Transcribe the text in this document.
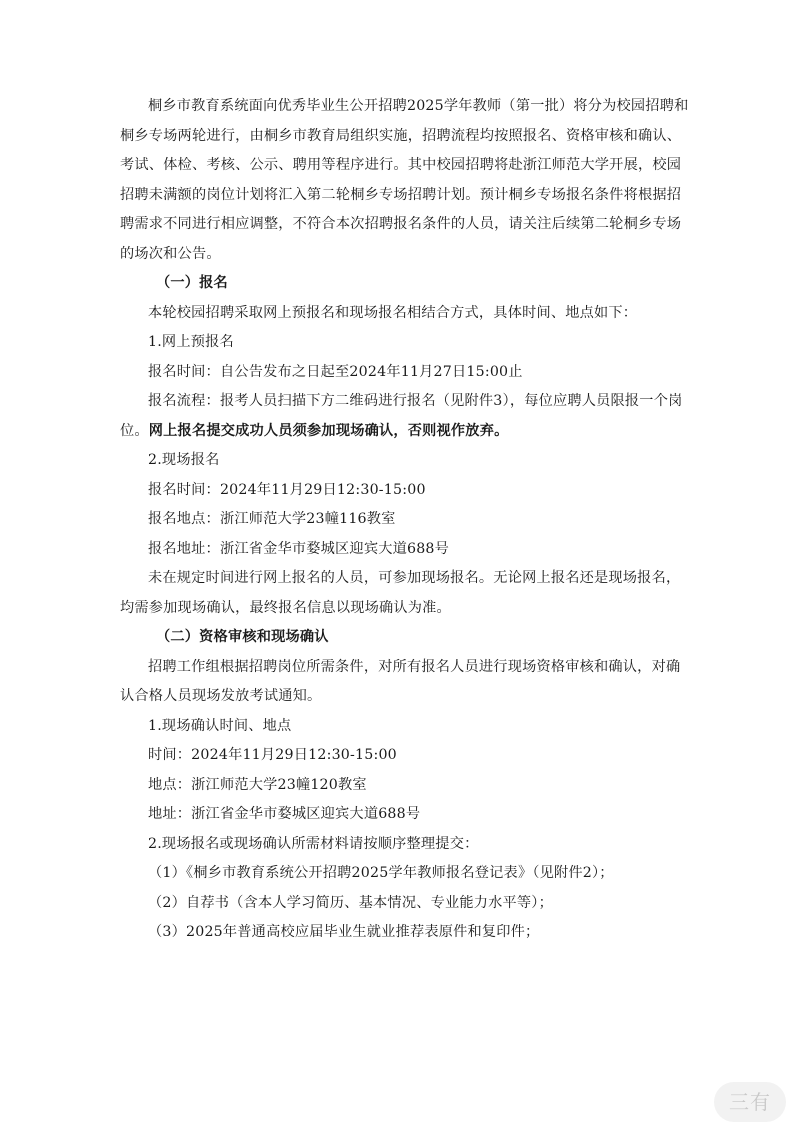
桐乡市教育系统面向优秀毕业生公开招聘2025学年教师（第一批）将分为校园招聘和桐乡专场两轮进行，由桐乡市教育局组织实施，招聘流程均按照报名、资格审核和确认、考试、体检、考核、公示、聘用等程序进行。其中校园招聘将赴浙江师范大学开展，校园招聘未满额的岗位计划将汇入第二轮桐乡专场招聘计划。预计桐乡专场报名条件将根据招聘需求不同进行相应调整，不符合本次招聘报名条件的人员，请关注后续第二轮桐乡专场的场次和公告。

（一）报名

本轮校园招聘采取网上预报名和现场报名相结合方式，具体时间、地点如下：

1.网上预报名

报名时间：自公告发布之日起至2024年11月27日15:00止

报名流程：报考人员扫描下方二维码进行报名（见附件3），每位应聘人员限报一个岗位。网上报名提交成功人员须参加现场确认，否则视作放弃。

2.现场报名

报名时间：2024年11月29日12:30-15:00

报名地点：浙江师范大学23幢116教室

报名地址：浙江省金华市婺城区迎宾大道688号

未在规定时间进行网上报名的人员，可参加现场报名。无论网上报名还是现场报名，均需参加现场确认，最终报名信息以现场确认为准。

（二）资格审核和现场确认

招聘工作组根据招聘岗位所需条件，对所有报名人员进行现场资格审核和确认，对确认合格人员现场发放考试通知。

1.现场确认时间、地点

时间：2024年11月29日12:30-15:00

地点：浙江师范大学23幢120教室

地址：浙江省金华市婺城区迎宾大道688号

2.现场报名或现场确认所需材料请按顺序整理提交：

（1）《桐乡市教育系统公开招聘2025学年教师报名登记表》（见附件2）；

（2）自荐书（含本人学习简历、基本情况、专业能力水平等）；

（3）2025年普通高校应届毕业生就业推荐表原件和复印件；

三有
